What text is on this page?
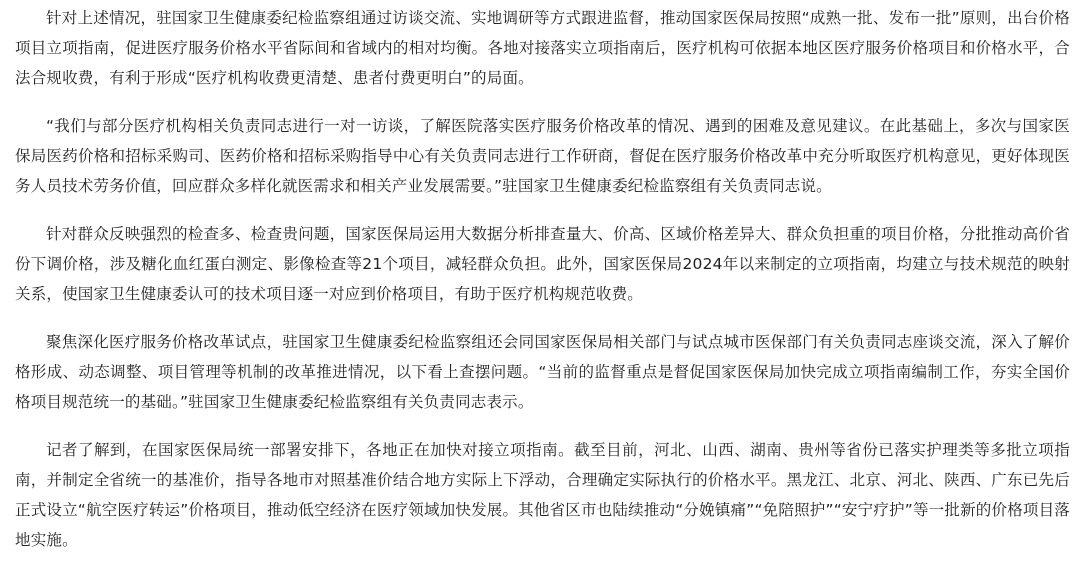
针对上述情况，驻国家卫生健康委纪检监察组通过访谈交流、实地调研等方式跟进监督，推动国家医保局按照“成熟一批、发布一批”原则，出台价格项目立项指南，促进医疗服务价格水平省际间和省域内的相对均衡。各地对接落实立项指南后，医疗机构可依据本地区医疗服务价格项目和价格水平，合法合规收费，有利于形成“医疗机构收费更清楚、患者付费更明白”的局面。

“我们与部分医疗机构相关负责同志进行一对一访谈，了解医院落实医疗服务价格改革的情况、遇到的困难及意见建议。在此基础上，多次与国家医保局医药价格和招标采购司、医药价格和招标采购指导中心有关负责同志进行工作研商，督促在医疗服务价格改革中充分听取医疗机构意见，更好体现医务人员技术劳务价值，回应群众多样化就医需求和相关产业发展需要。”驻国家卫生健康委纪检监察组有关负责同志说。

针对群众反映强烈的检查多、检查贵问题，国家医保局运用大数据分析排查量大、价高、区域价格差异大、群众负担重的项目价格，分批推动高价省份下调价格，涉及糖化血红蛋白测定、影像检查等21个项目，减轻群众负担。此外，国家医保局2024年以来制定的立项指南，均建立与技术规范的映射关系，使国家卫生健康委认可的技术项目逐一对应到价格项目，有助于医疗机构规范收费。

聚焦深化医疗服务价格改革试点，驻国家卫生健康委纪检监察组还会同国家医保局相关部门与试点城市医保部门有关负责同志座谈交流，深入了解价格形成、动态调整、项目管理等机制的改革推进情况，以下看上查摆问题。“当前的监督重点是督促国家医保局加快完成立项指南编制工作，夯实全国价格项目规范统一的基础。”驻国家卫生健康委纪检监察组有关负责同志表示。

记者了解到，在国家医保局统一部署安排下，各地正在加快对接立项指南。截至目前，河北、山西、湖南、贵州等省份已落实护理类等多批立项指南，并制定全省统一的基准价，指导各地市对照基准价结合地方实际上下浮动，合理确定实际执行的价格水平。黑龙江、北京、河北、陕西、广东已先后正式设立“航空医疗转运”价格项目，推动低空经济在医疗领域加快发展。其他省区市也陆续推动“分娩镇痛”“免陪照护”“安宁疗护”等一批新的价格项目落地实施。
